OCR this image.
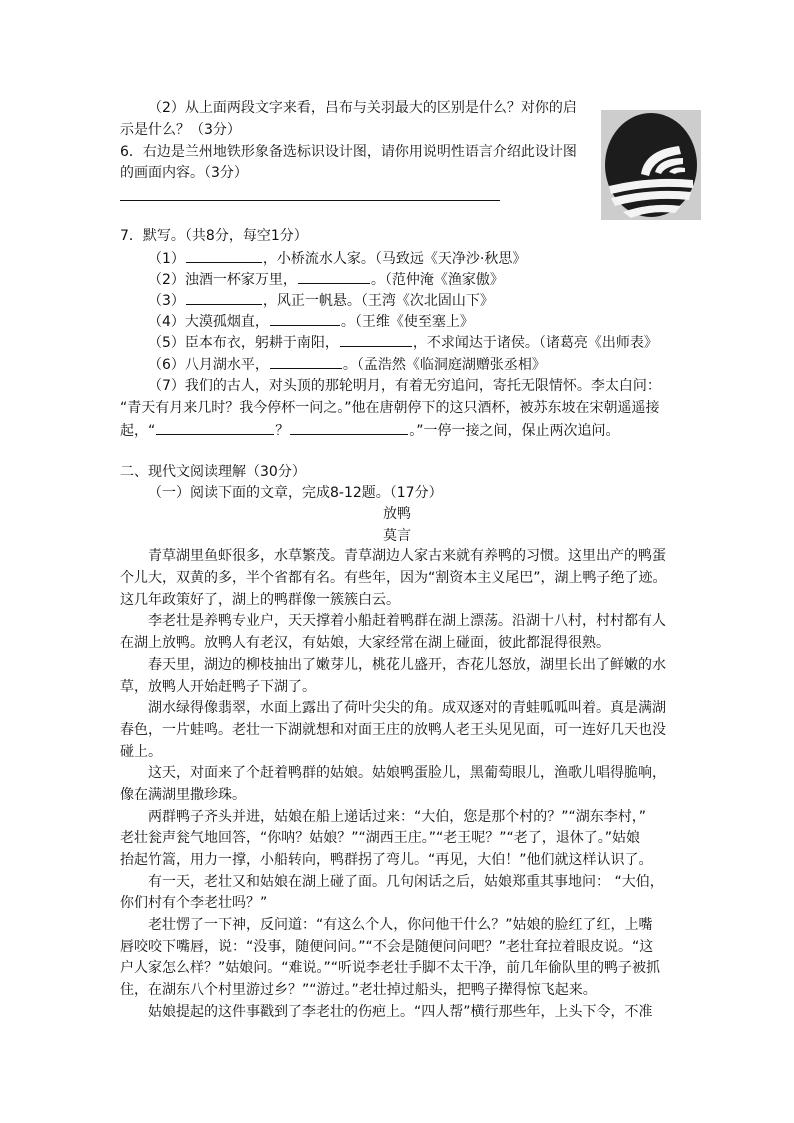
（2）从上面两段文字来看，吕布与关羽最大的区别是什么？对你的启
示是什么？（3分）
6．右边是兰州地铁形象备选标识设计图，请你用说明性语言介绍此设计图
的画面内容。（3分）
7．默写。（共8分，每空1分）
（1）	，小桥流水人家。（马致远《天净沙·秋思》
（2）浊酒一杯家万里，	。（范仲淹《渔家傲》
（3）	，风正一帆悬。（王湾《次北固山下》
（4）大漠孤烟直，	。（王维《使至塞上》
（5）臣本布衣，躬耕于南阳，	，不求闻达于诸侯。（诸葛亮《出师表》
（6）八月湖水平，	。（孟浩然《临洞庭湖赠张丞相》
（7）我们的古人，对头顶的那轮明月，有着无穷追问，寄托无限情怀。李太白问：
“青天有月来几时？我今停杯一问之。”他在唐朝停下的这只酒杯，被苏东坡在宋朝遥遥接
起，“	？	。”一停一接之间，保止两次追问。
二、现代文阅读理解（30分）
（一）阅读下面的文章，完成8-12题。（17分）
放鸭
莫言
青草湖里鱼虾很多，水草繁茂。青草湖边人家古来就有养鸭的习惯。这里出产的鸭蛋
个儿大，双黄的多，半个省都有名。有些年，因为“割资本主义尾巴”，湖上鸭子绝了迹。
这几年政策好了，湖上的鸭群像一簇簇白云。
李老壮是养鸭专业户，天天撑着小船赶着鸭群在湖上漂荡。沿湖十八村，村村都有人
在湖上放鸭。放鸭人有老汉，有姑娘，大家经常在湖上碰面，彼此都混得很熟。
春天里，湖边的柳枝抽出了嫩芽儿，桃花儿盛开，杏花儿怒放，湖里长出了鲜嫩的水
草，放鸭人开始赶鸭子下湖了。
湖水绿得像翡翠，水面上露出了荷叶尖尖的角。成双逐对的青蛙呱呱叫着。真是满湖
春色，一片蛙鸣。老壮一下湖就想和对面王庄的放鸭人老王头见见面，可一连好几天也没
碰上。
这天，对面来了个赶着鸭群的姑娘。姑娘鸭蛋脸儿，黑葡萄眼儿，渔歌儿唱得脆响，
像在满湖里撒珍珠。
两群鸭子齐头并进，姑娘在船上递话过来：“大伯，您是那个村的？”“湖东李村，”
老壮瓮声瓮气地回答，“你呐？姑娘？”“湖西王庄。”“老王呢？”“老了，退休了。”姑娘
抬起竹篙，用力一撑，小船转向，鸭群拐了弯儿。“再见，大伯！”他们就这样认识了。
有一天，老壮又和姑娘在湖上碰了面。几句闲话之后，姑娘郑重其事地问： “大伯，
你们村有个李老壮吗？”
老壮愣了一下神，反问道：“有这么个人，你问他干什么？”姑娘的脸红了红，上嘴
唇咬咬下嘴唇，说：“没事，随便问问。”“不会是随便问问吧？”老壮耷拉着眼皮说。“这
户人家怎么样？”姑娘问。“难说。”“听说李老壮手脚不太干净，前几年偷队里的鸭子被抓
住，在湖东八个村里游过乡？”“游过。”老壮掉过船头，把鸭子撵得惊飞起来。
姑娘提起的这件事戳到了李老壮的伤疤上。“四人帮”横行那些年，上头下令，不准
